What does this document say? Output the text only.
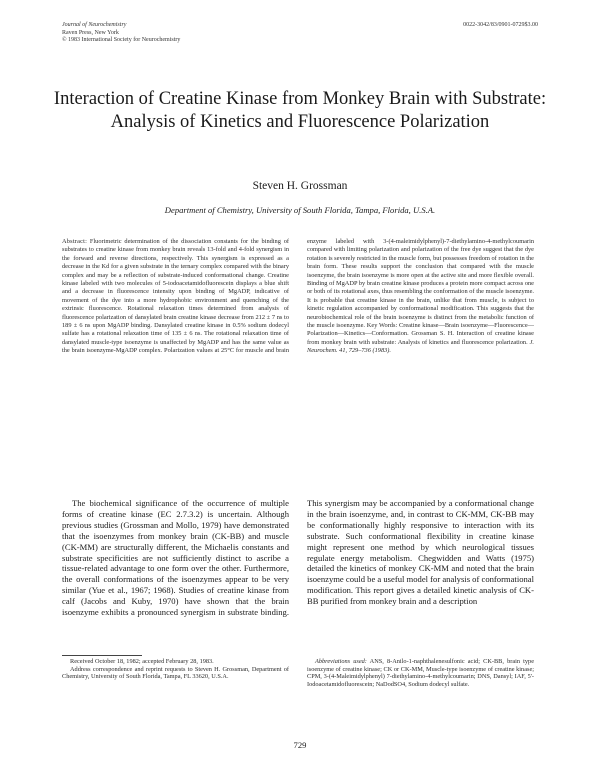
Journal of Neurochemistry
Raven Press, New York
© 1983 International Society for Neurochemistry
0022-3042/83/0901-0729$3.00
Interaction of Creatine Kinase from Monkey Brain with Substrate: Analysis of Kinetics and Fluorescence Polarization
Steven H. Grossman
Department of Chemistry, University of South Florida, Tampa, Florida, U.S.A.
Abstract: Fluorimetric determination of the dissociation constants for the binding of substrates to creatine kinase from monkey brain reveals 13-fold and 4-fold synergism in the forward and reverse directions, respectively. This synergism is expressed as a decrease in the Kd for a given substrate in the ternary complex compared with the binary complex and may be a reflection of substrate-induced conformational change. Creatine kinase labeled with two molecules of 5-iodoacetamidofluorescein displays a blue shift and a decrease in fluorescence intensity upon binding of MgADP, indicative of movement of the dye into a more hydrophobic environment and quenching of the extrinsic fluorescence. Rotational relaxation times determined from analysis of fluorescence polarization of dansylated brain creatine kinase decrease from 212 ± 7 ns to 189 ± 6 ns upon MgADP binding. Dansylated creatine kinase in 0.5% sodium dodecyl sulfate has a rotational relaxation time of 135 ± 6 ns. The rotational relaxation time of dansylated muscle-type isoenzyme is unaffected by MgADP and has the same value as the brain isoenzyme-MgADP complex. Polarization values at 25°C for muscle and brain enzyme labeled with 3-(4-maleimidylphenyl)-7-diethylamino-4-methylcoumarin compared with limiting polarization and polarization of the free dye suggest that the dye rotation is severely restricted in the muscle form, but possesses freedom of rotation in the brain form. These results support the conclusion that compared with the muscle isoenzyme, the brain isoenzyme is more open at the active site and more flexible overall. Binding of MgADP by brain creatine kinase produces a protein more compact across one or both of its rotational axes, thus resembling the conformation of the muscle isoenzyme. It is probable that creatine kinase in the brain, unlike that from muscle, is subject to kinetic regulation accompanied by conformational modification. This suggests that the neurobiochemical role of the brain isoenzyme is distinct from the metabolic function of the muscle isoenzyme. Key Words: Creatine kinase—Brain isoenzyme—Fluorescence—Polarization—Kinetics—Conformation. Grossman S. H. Interaction of creatine kinase from monkey brain with substrate: Analysis of kinetics and fluorescence polarization. J. Neurochem. 41, 729–736 (1983).

The biochemical significance of the occurrence of multiple forms of creatine kinase (EC 2.7.3.2) is uncertain. Although previous studies (Grossman and Mollo, 1979) have demonstrated that the isoenzymes from monkey brain (CK-BB) and muscle (CK-MM) are structurally different, the Michaelis constants and substrate specificities are not sufficiently distinct to ascribe a tissue-related advantage to one form over the other. Furthermore, the overall conformations of the isoenzymes appear to be very similar (Yue et al., 1967; 1968). Studies of creatine kinase from calf (Jacobs and Kuby, 1970) have shown that the brain isoenzyme exhibits a pronounced synergism in substrate binding. This synergism may be accompanied by a conformational change in the brain isoenzyme, and, in contrast to CK-MM, CK-BB may be conformationally highly responsive to interaction with its substrate. Such conformational flexibility in creatine kinase might represent one method by which neurological tissues regulate energy metabolism. Chegwidden and Watts (1975) detailed the kinetics of monkey CK-MM and noted that the brain isoenzyme could be a useful model for analysis of conformational modification. This report gives a detailed kinetic analysis of CK-BB purified from monkey brain and a description

Received October 18, 1982; accepted February 28, 1983.

Address correspondence and reprint requests to Steven H. Grossman, Department of Chemistry, University of South Florida, Tampa, FL 33620, U.S.A.

Abbreviations used: ANS, 8-Anilo-1-naphthalenesulfonic acid; CK-BB, brain type isoenzyme of creatine kinase; CK or CK-MM, Muscle-type isoenzyme of creatine kinase; CPM, 3-(4-Maleimidylphenyl) 7-diethylamino-4-methylcoumarin; DNS, Dansyl; IAF, 5'-Iodoacetamidofluorescein; NaDodSO4, Sodium dodecyl sulfate.

729
